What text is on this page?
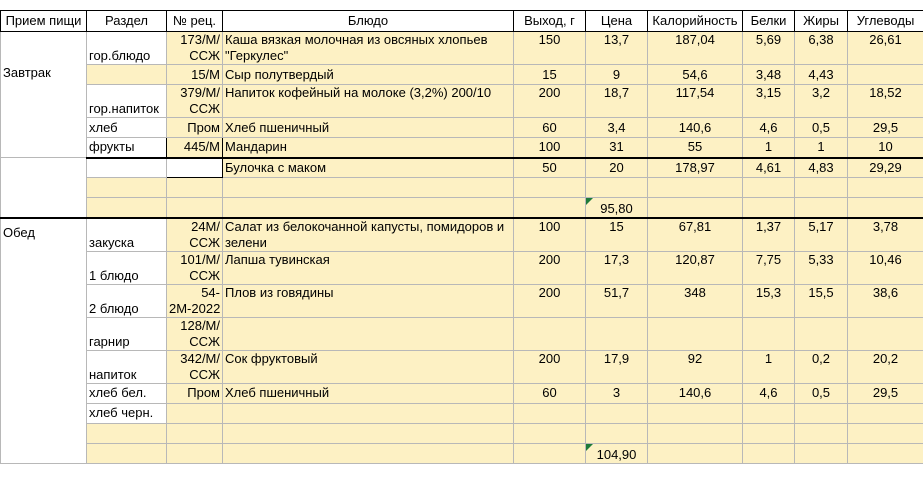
Прием пищи	Раздел	№ рец.	Блюдо	Выход, г	Цена	Калорийность	Белки	Жиры	Углеводы

Завтрак	гор.блюдо	173/М/ССЖ	Каша вязкая молочная из овсяных хлопьев "Геркулес"	150	13,7	187,04	5,69	6,38	26,61
		15/М	Сыр полутвердый	15	9	54,6	3,48	4,43	
	гор.напиток	379/М/ССЖ	Напиток кофейный на молоке (3,2%) 200/10	200	18,7	117,54	3,15	3,2	18,52
	хлеб	Пром	Хлеб пшеничный	60	3,4	140,6	4,6	0,5	29,5
	фрукты	445/М	Мандарин	100	31	55	1	1	10
			Булочка с маком	50	20	178,97	4,61	4,83	29,29

					95,80				

Обед	закуска	24М/ССЖ	Салат из белокочанной капусты, помидоров и зелени	100	15	67,81	1,37	5,17	3,78
	1 блюдо	101/М/ССЖ	Лапша тувинская	200	17,3	120,87	7,75	5,33	10,46
	2 блюдо	54-2М-2022	Плов из говядины	200	51,7	348	15,3	15,5	38,6
	гарнир	128/М/ССЖ							
	напиток	342/М/ССЖ	Сок фруктовый	200	17,9	92	1	0,2	20,2
	хлеб бел.	Пром	Хлеб пшеничный	60	3	140,6	4,6	0,5	29,5
	хлеб черн.								

					104,90				
